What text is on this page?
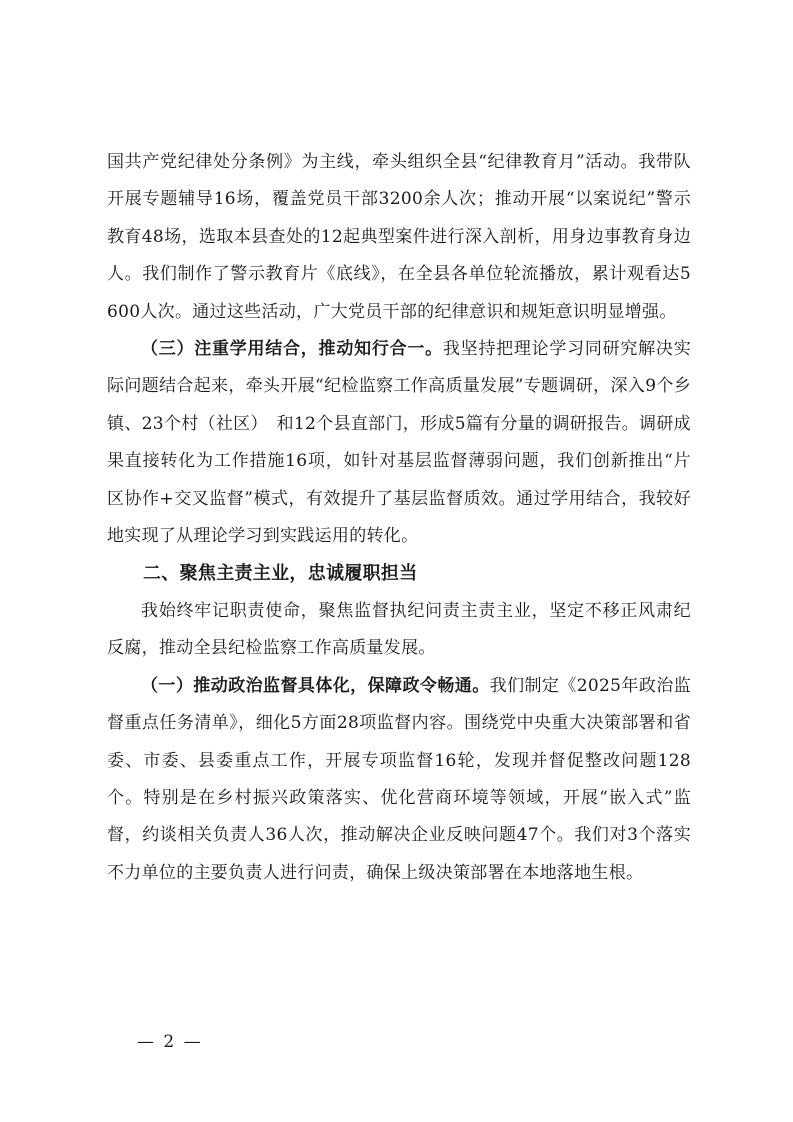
国共产党纪律处分条例》为主线，牵头组织全县“纪律教育月”活动。我带队开展专题辅导16场，覆盖党员干部3200余人次；推动开展“以案说纪”警示教育48场，选取本县查处的12起典型案件进行深入剖析，用身边事教育身边人。我们制作了警示教育片《底线》，在全县各单位轮流播放，累计观看达5600人次。通过这些活动，广大党员干部的纪律意识和规矩意识明显增强。

（三）注重学用结合，推动知行合一。我坚持把理论学习同研究解决实际问题结合起来，牵头开展“纪检监察工作高质量发展”专题调研，深入9个乡镇、23个村（社区）　和12个县直部门，形成5篇有分量的调研报告。调研成果直接转化为工作措施16项，如针对基层监督薄弱问题，我们创新推出“片区协作+交叉监督”模式，有效提升了基层监督质效。通过学用结合，我较好地实现了从理论学习到实践运用的转化。

二、聚焦主责主业，忠诚履职担当

我始终牢记职责使命，聚焦监督执纪问责主责主业，坚定不移正风肃纪反腐，推动全县纪检监察工作高质量发展。

（一）推动政治监督具体化，保障政令畅通。我们制定《2025年政治监督重点任务清单》，细化5方面28项监督内容。围绕党中央重大决策部署和省委、市委、县委重点工作，开展专项监督16轮，发现并督促整改问题128个。特别是在乡村振兴政策落实、优化营商环境等领域，开展“嵌入式”监督，约谈相关负责人36人次，推动解决企业反映问题47个。我们对3个落实不力单位的主要负责人进行问责，确保上级决策部署在本地落地生根。

— 2 —
